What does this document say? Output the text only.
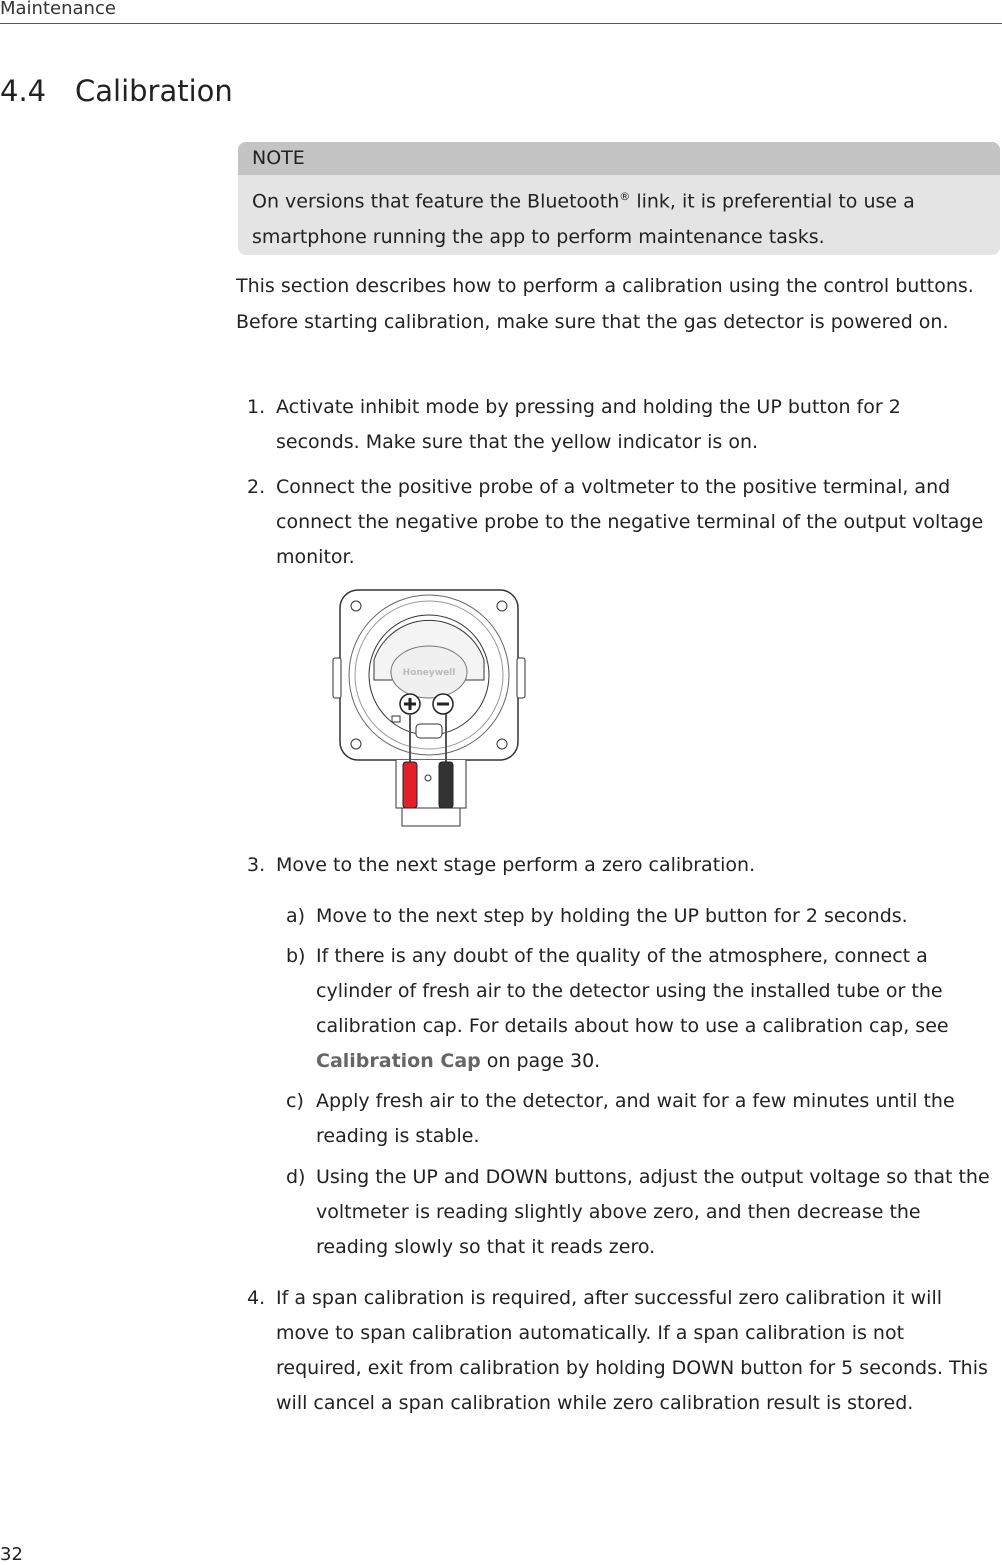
Maintenance
4.4 Calibration
NOTE
On versions that feature the Bluetooth® link, it is preferential to use a smartphone running the app to perform maintenance tasks.
This section describes how to perform a calibration using the control buttons. Before starting calibration, make sure that the gas detector is powered on.
1. Activate inhibit mode by pressing and holding the UP button for 2 seconds. Make sure that the yellow indicator is on.
2. Connect the positive probe of a voltmeter to the positive terminal, and connect the negative probe to the negative terminal of the output voltage monitor.
Honeywell
3. Move to the next stage perform a zero calibration.
a) Move to the next step by holding the UP button for 2 seconds.
b) If there is any doubt of the quality of the atmosphere, connect a cylinder of fresh air to the detector using the installed tube or the calibration cap. For details about how to use a calibration cap, see Calibration Cap on page 30.
c) Apply fresh air to the detector, and wait for a few minutes until the reading is stable.
d) Using the UP and DOWN buttons, adjust the output voltage so that the voltmeter is reading slightly above zero, and then decrease the reading slowly so that it reads zero.
4. If a span calibration is required, after successful zero calibration it will move to span calibration automatically. If a span calibration is not required, exit from calibration by holding DOWN button for 5 seconds. This will cancel a span calibration while zero calibration result is stored.
32
